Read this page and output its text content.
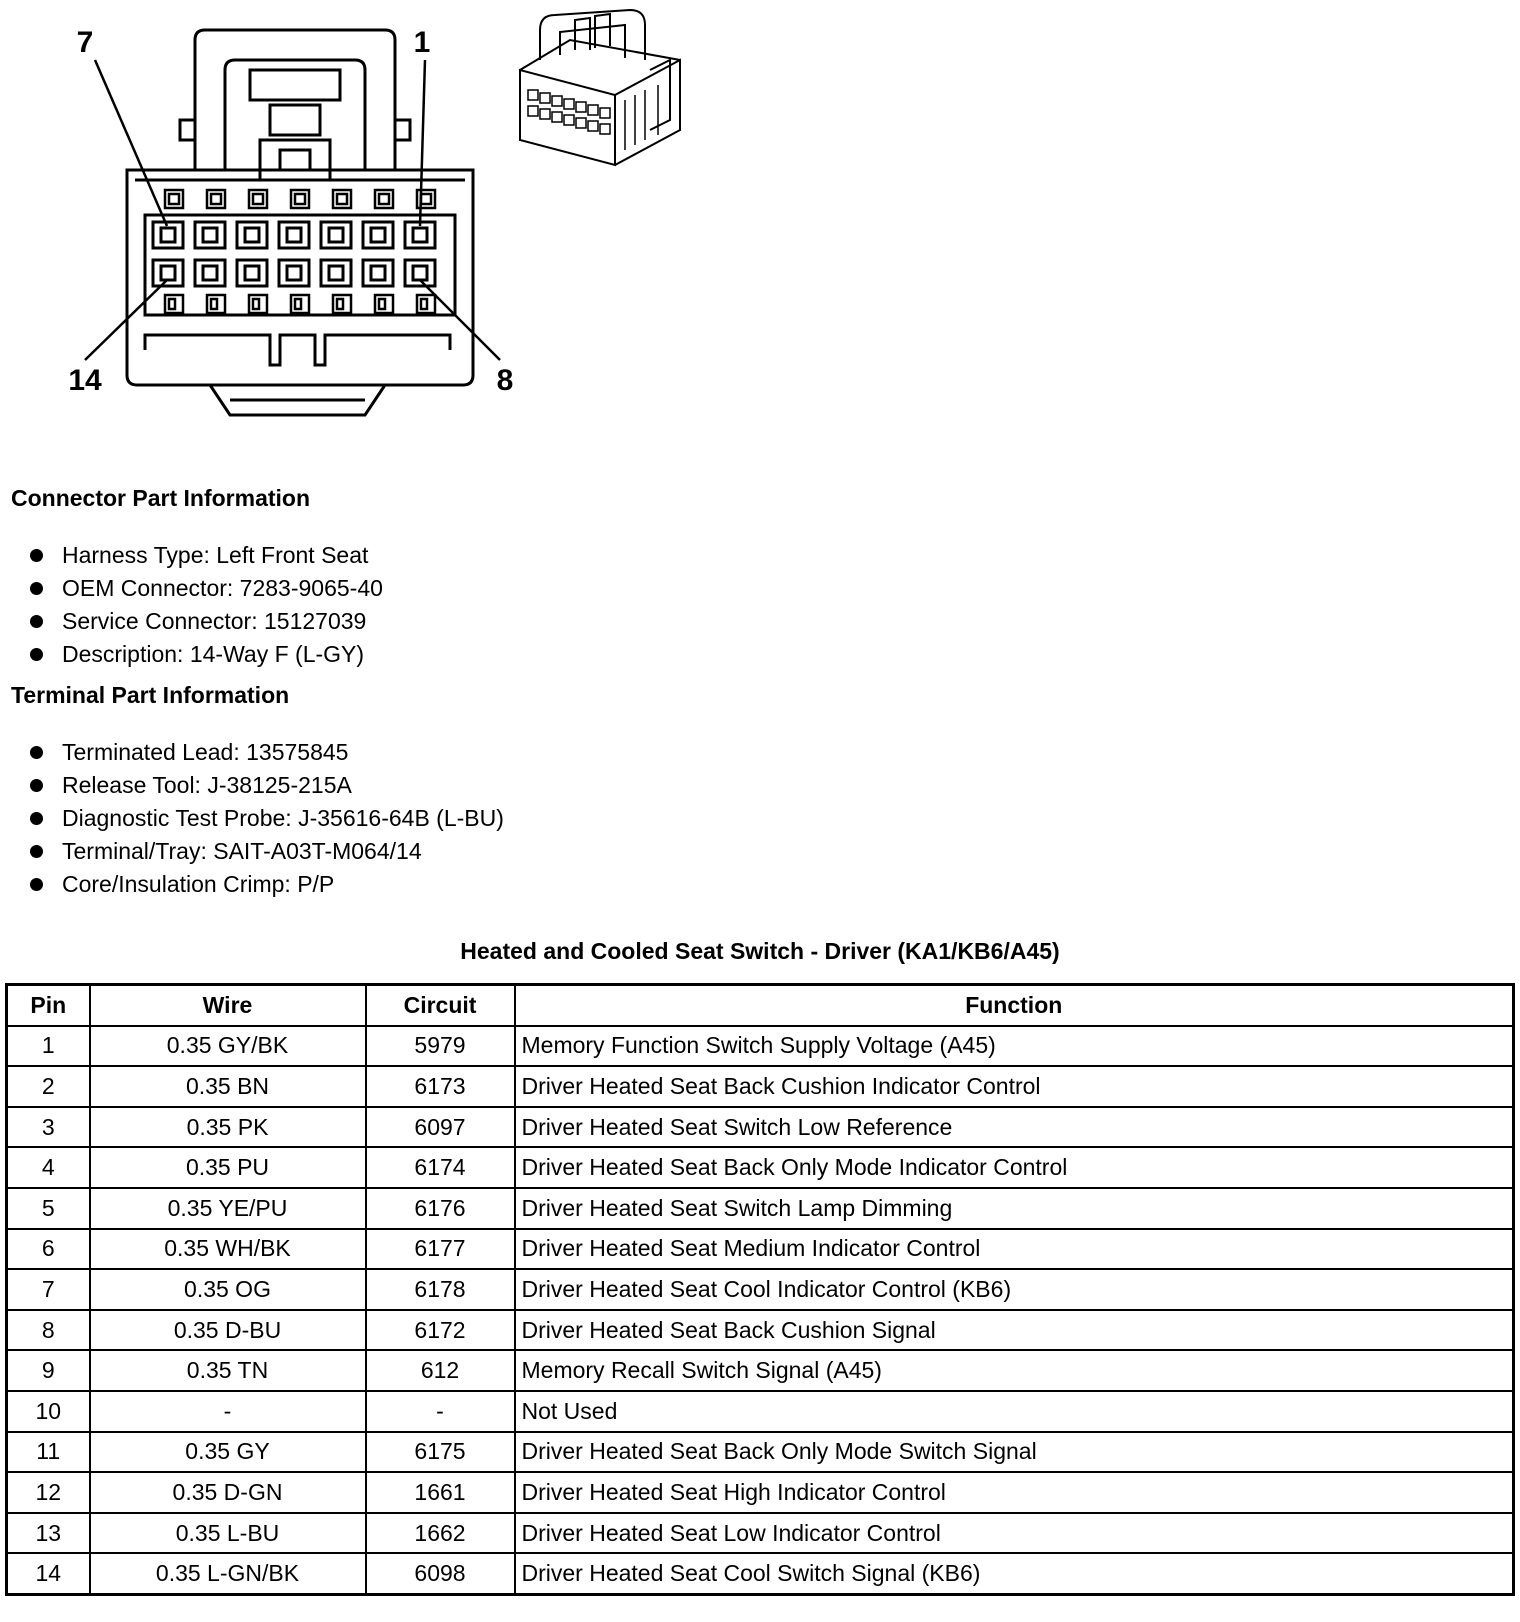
7	1
14	8
Connector Part Information
Harness Type: Left Front Seat
OEM Connector: 7283-9065-40
Service Connector: 15127039
Description: 14-Way F (L-GY)
Terminal Part Information
Terminated Lead: 13575845
Release Tool: J-38125-215A
Diagnostic Test Probe: J-35616-64B (L-BU)
Terminal/Tray: SAIT-A03T-M064/14
Core/Insulation Crimp: P/P
Heated and Cooled Seat Switch - Driver (KA1/KB6/A45)
Pin	Wire	Circuit	Function
1	0.35 GY/BK	5979	Memory Function Switch Supply Voltage (A45)
2	0.35 BN	6173	Driver Heated Seat Back Cushion Indicator Control
3	0.35 PK	6097	Driver Heated Seat Switch Low Reference
4	0.35 PU	6174	Driver Heated Seat Back Only Mode Indicator Control
5	0.35 YE/PU	6176	Driver Heated Seat Switch Lamp Dimming
6	0.35 WH/BK	6177	Driver Heated Seat Medium Indicator Control
7	0.35 OG	6178	Driver Heated Seat Cool Indicator Control (KB6)
8	0.35 D-BU	6172	Driver Heated Seat Back Cushion Signal
9	0.35 TN	612	Memory Recall Switch Signal (A45)
10	-	-	Not Used
11	0.35 GY	6175	Driver Heated Seat Back Only Mode Switch Signal
12	0.35 D-GN	1661	Driver Heated Seat High Indicator Control
13	0.35 L-BU	1662	Driver Heated Seat Low Indicator Control
14	0.35 L-GN/BK	6098	Driver Heated Seat Cool Switch Signal (KB6)
